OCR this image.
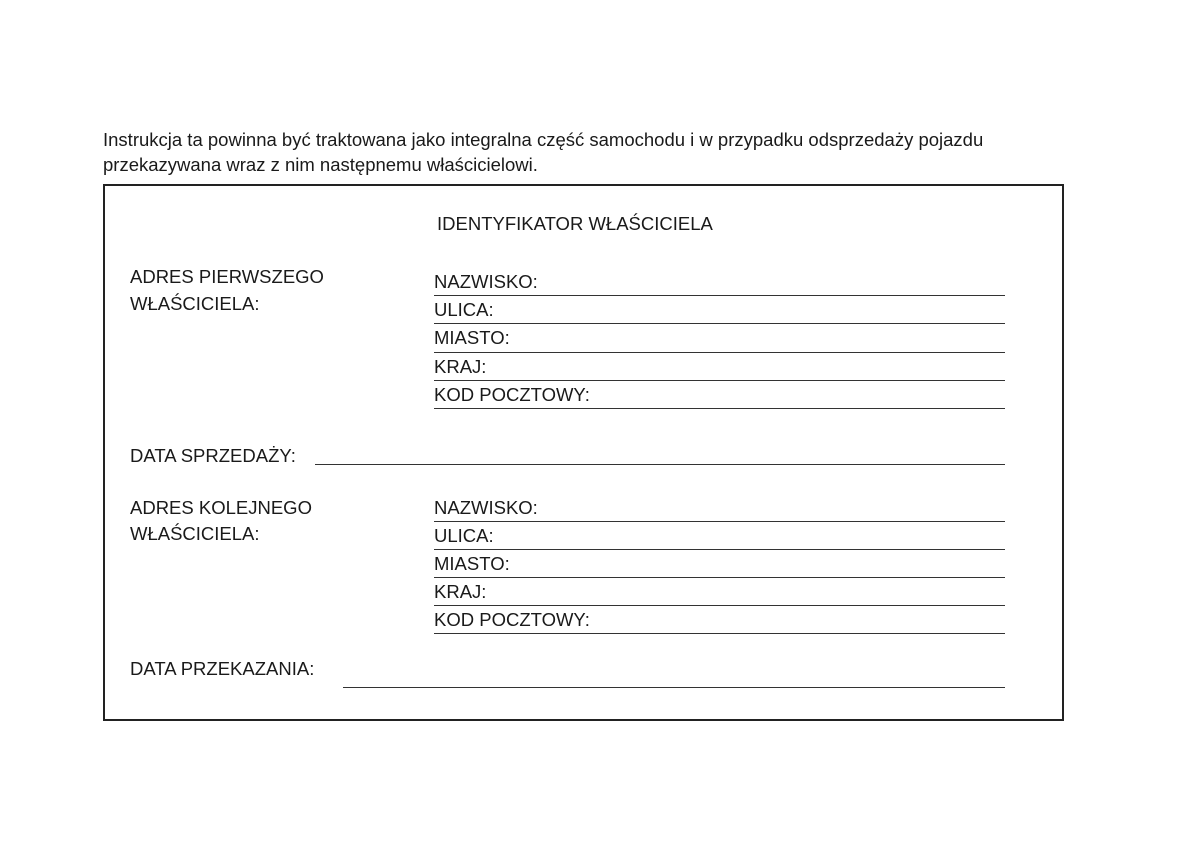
Instrukcja ta powinna być traktowana jako integralna część samochodu i w przypadku odsprzedaży pojazdu
przekazywana wraz z nim następnemu właścicielowi.

IDENTYFIKATOR WŁAŚCICIELA
ADRES PIERWSZEGO
WŁAŚCICIELA:
NAZWISKO:
ULICA:
MIASTO:
KRAJ:
KOD POCZTOWY:
DATA SPRZEDAŻY:
ADRES KOLEJNEGO
WŁAŚCICIELA:
NAZWISKO:
ULICA:
MIASTO:
KRAJ:
KOD POCZTOWY:
DATA PRZEKAZANIA:
